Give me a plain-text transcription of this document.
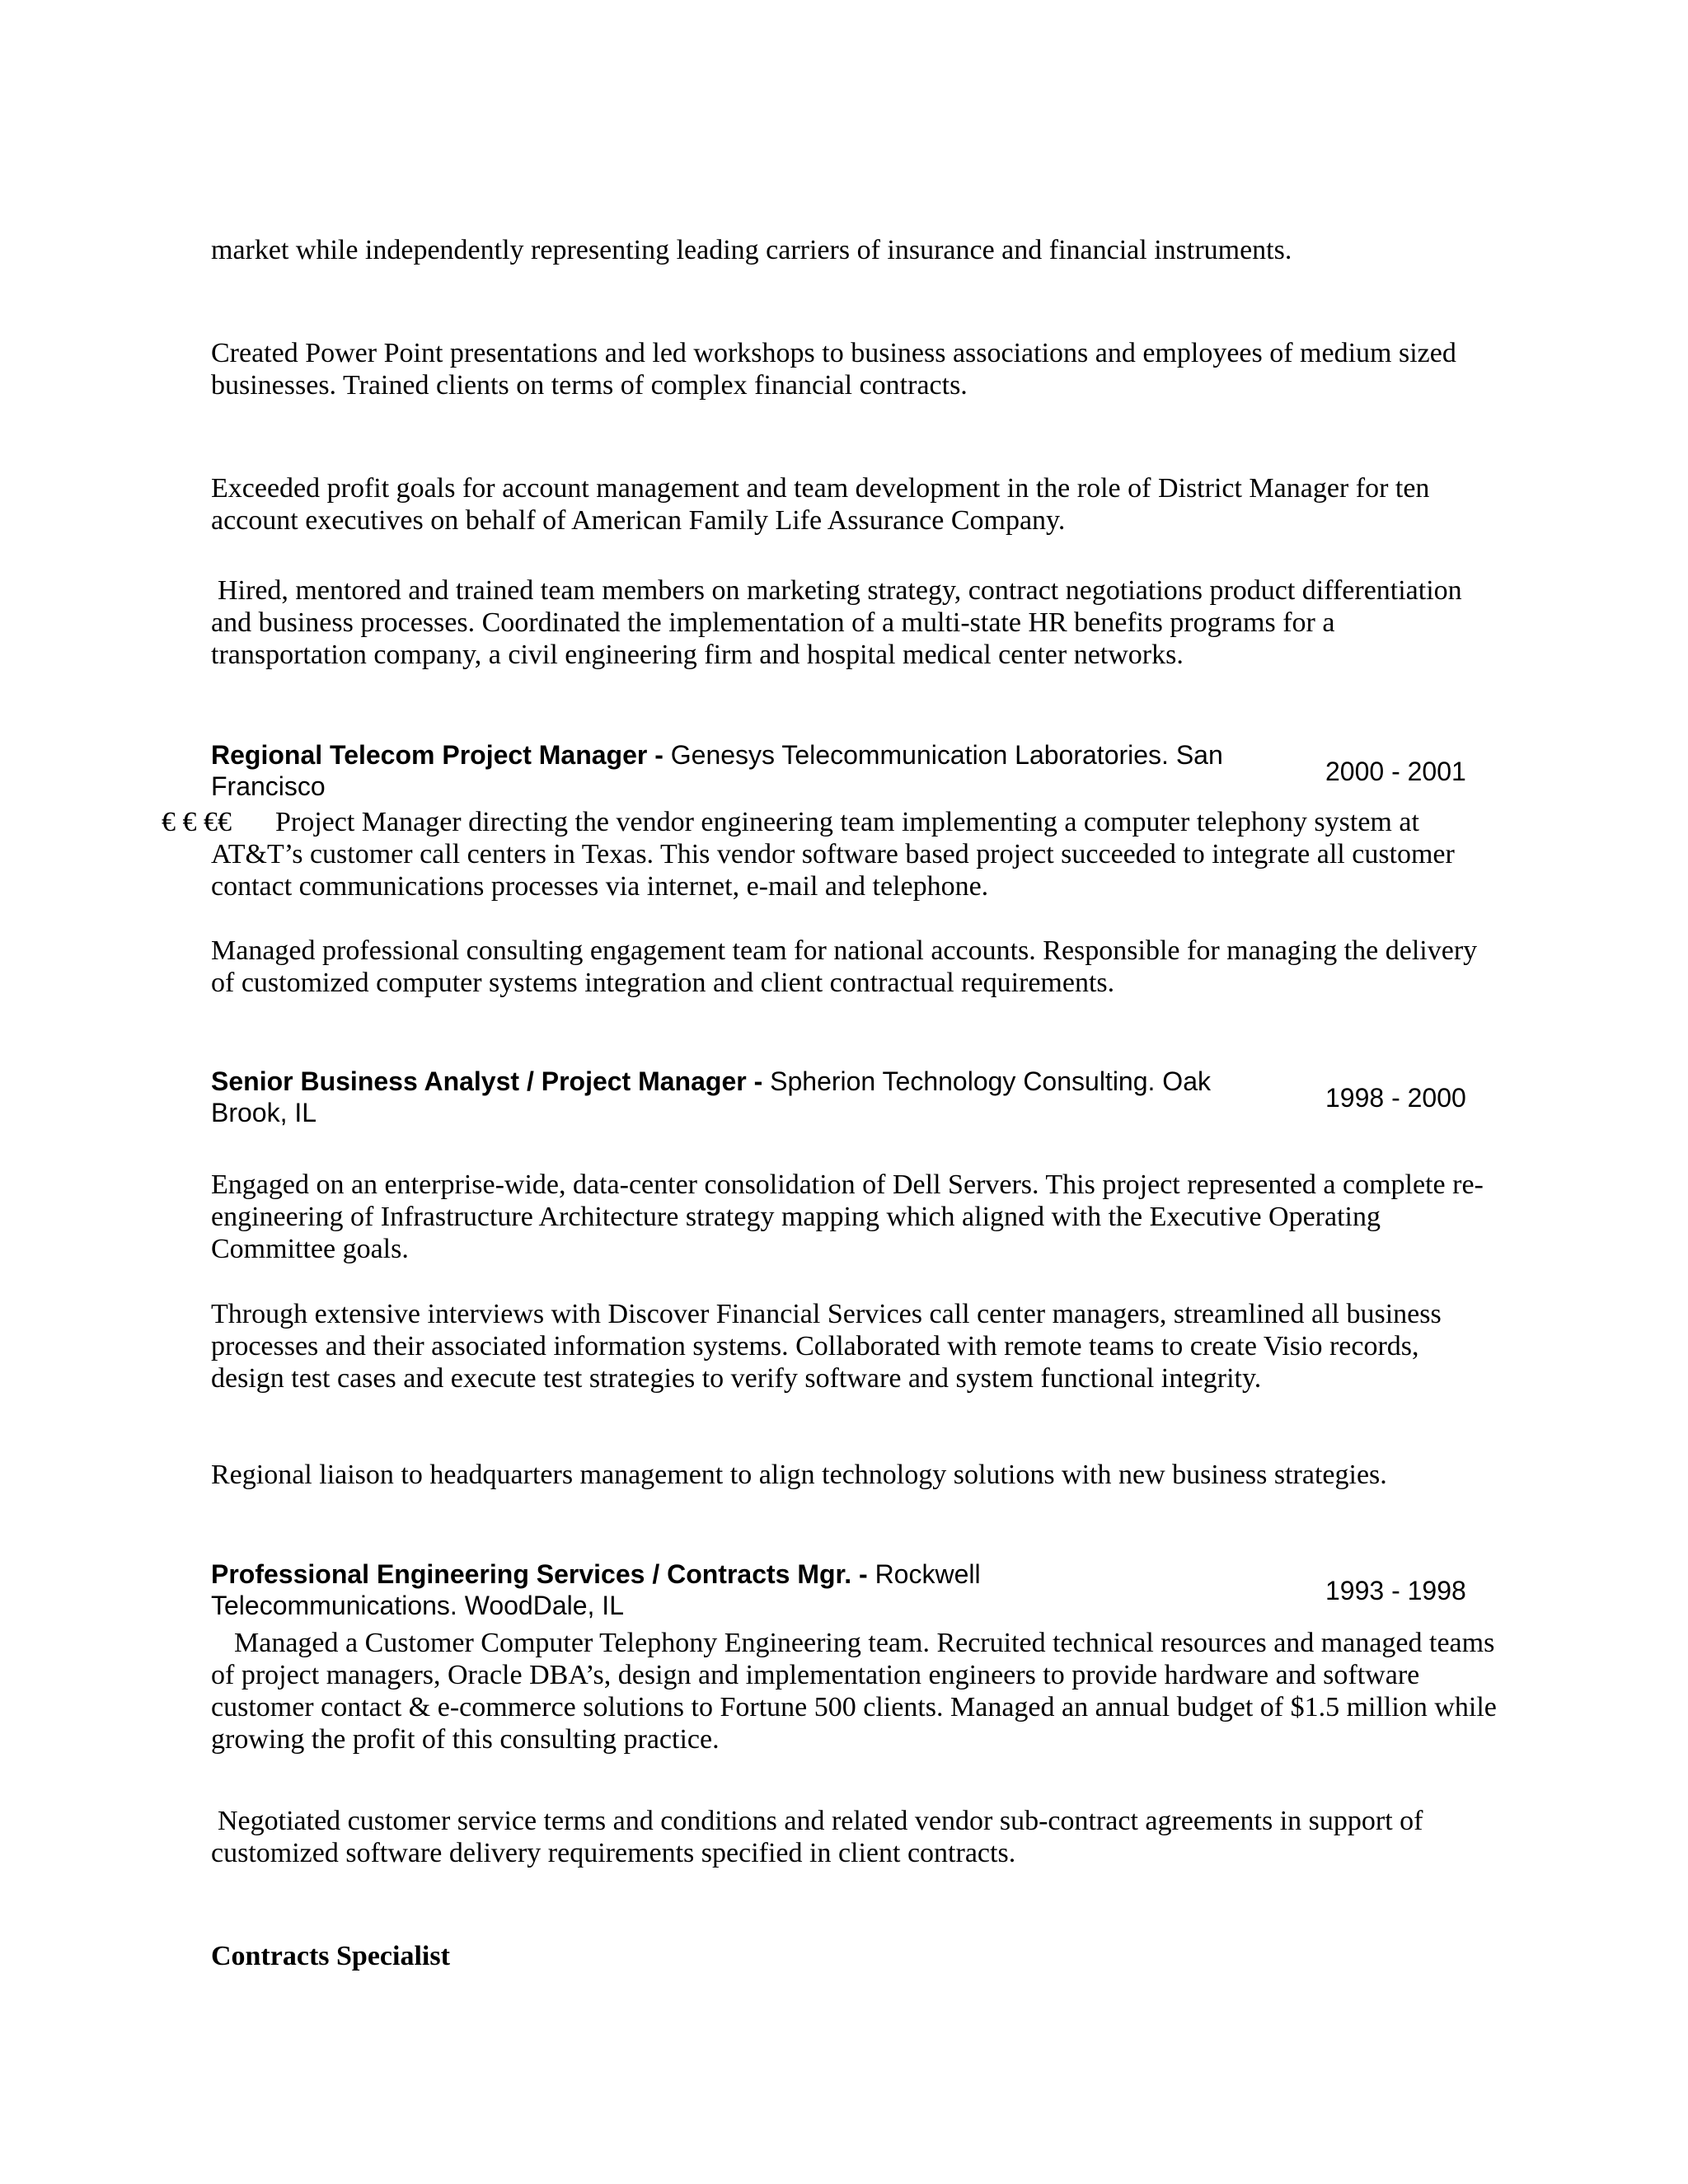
market while independently representing leading carriers of insurance and financial instruments.

Created Power Point presentations and led workshops to business associations and employees of medium sized businesses. Trained clients on terms of complex financial contracts.

Exceeded profit goals for account management and team development in the role of District Manager for ten account executives on behalf of American Family Life Assurance Company.

Hired, mentored and trained team members on marketing strategy, contract negotiations product differentiation and business processes. Coordinated the implementation of a multi-state HR benefits programs for a transportation company, a civil engineering firm and hospital medical center networks.

Regional Telecom Project Manager - Genesys Telecommunication Laboratories. San Francisco	2000 - 2001

€ € €€	Project Manager directing the vendor engineering team implementing a computer telephony system at AT&T’s customer call centers in Texas. This vendor software based project succeeded to integrate all customer contact communications processes via internet, e-mail and telephone.

Managed professional consulting engagement team for national accounts. Responsible for managing the delivery of customized computer systems integration and client contractual requirements.

Senior Business Analyst / Project Manager - Spherion Technology Consulting. Oak Brook, IL	1998 - 2000

Engaged on an enterprise-wide, data-center consolidation of Dell Servers. This project represented a complete re-engineering of Infrastructure Architecture strategy mapping which aligned with the Executive Operating Committee goals.

Through extensive interviews with Discover Financial Services call center managers, streamlined all business processes and their associated information systems. Collaborated with remote teams to create Visio records, design test cases and execute test strategies to verify software and system functional integrity.

Regional liaison to headquarters management to align technology solutions with new business strategies.

Professional Engineering Services / Contracts Mgr. - Rockwell Telecommunications. WoodDale, IL	1993 - 1998

Managed a Customer Computer Telephony Engineering team. Recruited technical resources and managed teams of project managers, Oracle DBA’s, design and implementation engineers to provide hardware and software customer contact & e-commerce solutions to Fortune 500 clients. Managed an annual budget of $1.5 million while growing the profit of this consulting practice.

Negotiated customer service terms and conditions and related vendor sub-contract agreements in support of customized software delivery requirements specified in client contracts.

Contracts Specialist
